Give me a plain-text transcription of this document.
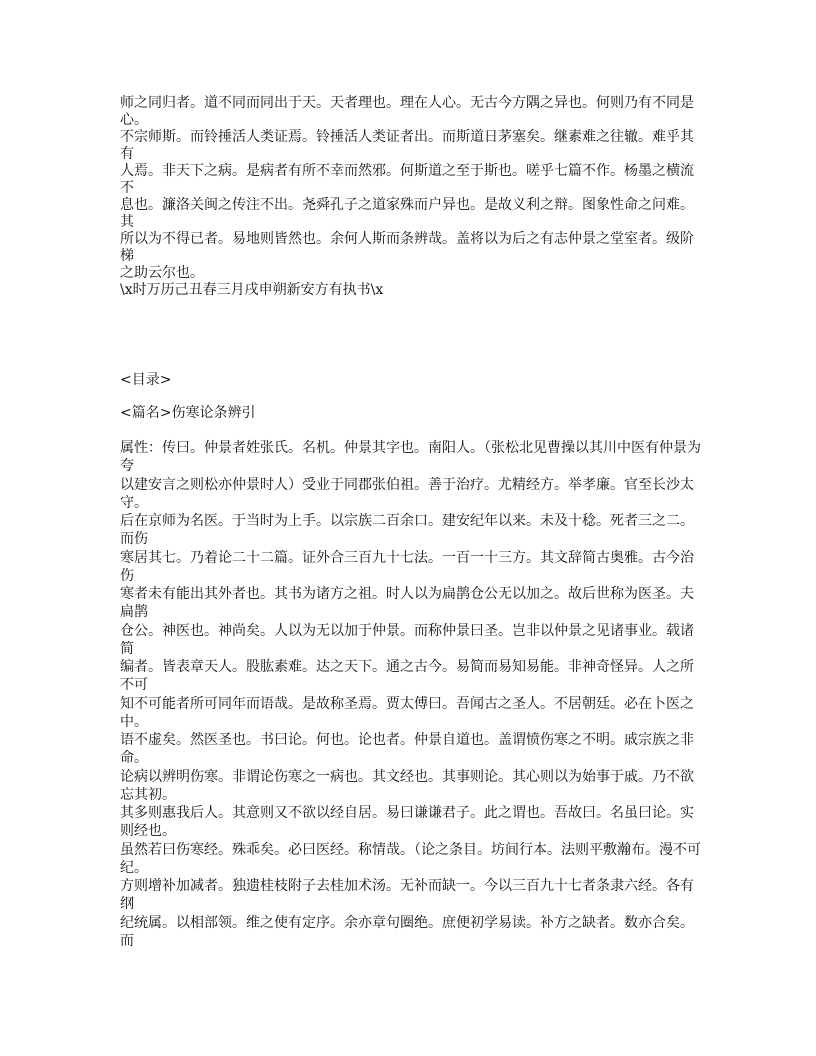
师之同归者。道不同而同出于天。天者理也。理在人心。无古今方隅之异也。何则乃有不同是
心。
不宗师斯。而铃捶活人类证焉。铃捶活人类证者出。而斯道日茅塞矣。继素难之往辙。难乎其
有
人焉。非天下之病。是病者有所不幸而然邪。何斯道之至于斯也。嗟乎七篇不作。杨墨之横流
不
息也。濂洛关闽之传注不出。尧舜孔子之道家殊而户异也。是故义利之辩。图象性命之问难。
其
所以为不得已者。易地则皆然也。余何人斯而条辨哉。盖将以为后之有志仲景之堂室者。级阶
梯
之助云尔也。
\x时万历己丑春三月戌申朔新安方有执书\x
<目录>
<篇名>伤寒论条辨引
属性：传曰。仲景者姓张氏。名机。仲景其字也。南阳人。（张松北见曹操以其川中医有仲景为
夸
以建安言之则松亦仲景时人）受业于同郡张伯祖。善于治疗。尤精经方。举孝廉。官至长沙太
守。
后在京师为名医。于当时为上手。以宗族二百余口。建安纪年以来。未及十稔。死者三之二。
而伤
寒居其七。乃着论二十二篇。证外合三百九十七法。一百一十三方。其文辞简古奥雅。古今治
伤
寒者未有能出其外者也。其书为诸方之祖。时人以为扁鹊仓公无以加之。故后世称为医圣。夫
扁鹊
仓公。神医也。神尚矣。人以为无以加于仲景。而称仲景曰圣。岂非以仲景之见诸事业。载诸
简
编者。皆表章天人。股肱素难。达之天下。通之古今。易简而易知易能。非神奇怪异。人之所
不可
知不可能者所可同年而语哉。是故称圣焉。贾太傅曰。吾闻古之圣人。不居朝廷。必在卜医之
中。
语不虚矣。然医圣也。书曰论。何也。论也者。仲景自道也。盖谓愤伤寒之不明。戚宗族之非
命。
论病以辨明伤寒。非谓论伤寒之一病也。其文经也。其事则论。其心则以为始事于戚。乃不欲
忘其初。
其多则惠我后人。其意则又不欲以经自居。易曰谦谦君子。此之谓也。吾故曰。名虽曰论。实
则经也。
虽然若曰伤寒经。殊乖矣。必曰医经。称情哉。（论之条目。坊间行本。法则平敷瀚布。漫不可
纪。
方则增补加减者。独遗桂枝附子去桂加术汤。无补而缺一。今以三百九十七者条隶六经。各有
纲
纪统属。以相部领。维之使有定序。余亦章句圈绝。庶便初学易读。补方之缺者。数亦合矣。
而
